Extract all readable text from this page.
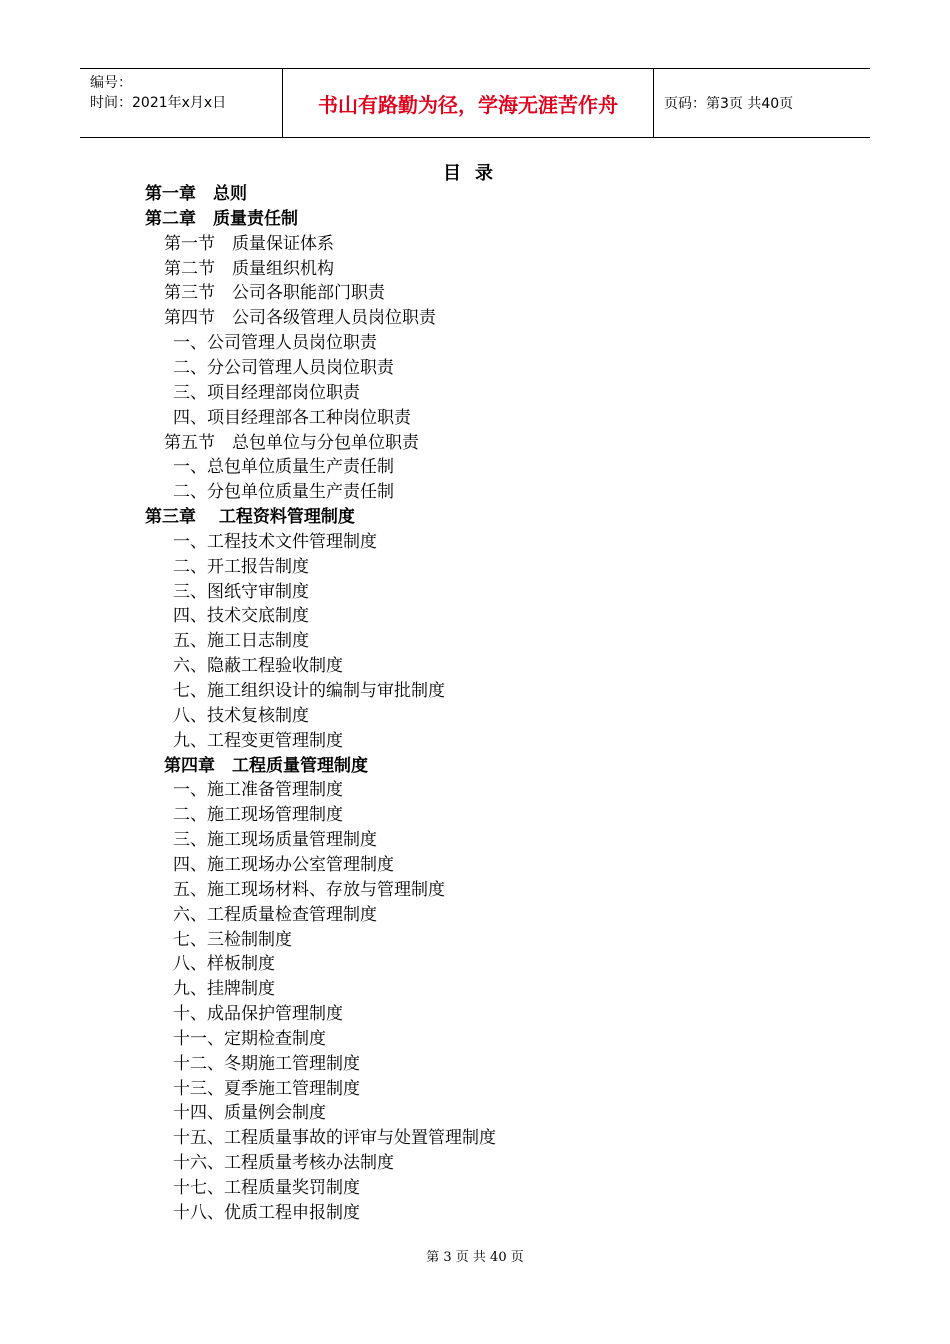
编号：
时间：2021年x月x日	书山有路勤为径，学海无涯苦作舟	页码：第3页 共40页
目录
第一章　总则
第二章　质量责任制
第一节　质量保证体系
第二节　质量组织机构
第三节　公司各职能部门职责
第四节　公司各级管理人员岗位职责
一、公司管理人员岗位职责
二、分公司管理人员岗位职责
三、项目经理部岗位职责
四、项目经理部各工种岗位职责
第五节　总包单位与分包单位职责
一、总包单位质量生产责任制
二、分包单位质量生产责任制
第三章　 工程资料管理制度
一、工程技术文件管理制度
二、开工报告制度
三、图纸守审制度
四、技术交底制度
五、施工日志制度
六、隐蔽工程验收制度
七、施工组织设计的编制与审批制度
八、技术复核制度
九、工程变更管理制度
第四章　工程质量管理制度
一、施工准备管理制度
二、施工现场管理制度
三、施工现场质量管理制度
四、施工现场办公室管理制度
五、施工现场材料、存放与管理制度
六、工程质量检查管理制度
七、三检制制度
八、样板制度
九、挂牌制度
十、成品保护管理制度
十一、定期检查制度
十二、冬期施工管理制度
十三、夏季施工管理制度
十四、质量例会制度
十五、工程质量事故的评审与处置管理制度
十六、工程质量考核办法制度
十七、工程质量奖罚制度
十八、优质工程申报制度
第 3 页 共 40 页
